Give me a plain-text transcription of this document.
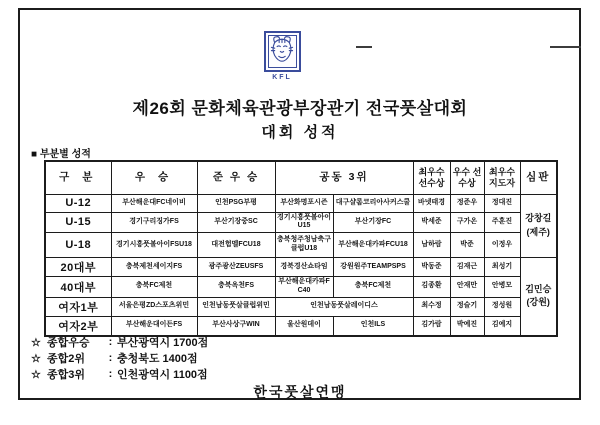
KFL
제26회 문화체육관광부장관기 전국풋살대회
대회 성적
■ 부분별 성적
구 분	우 승	준 우 승	공동 3위		최우수 선수상	우수 선수상	최우수 지도자	심판
U-12	부산해운대FC네이비	인천PSG부평	부산화명포시즌	대구샬롬코리아사커스쿨	바넷태경	정준우	정대진	강창길
(제주)

U-15	경기구리징가FS	부산기장중SC	경기시흥풋볼아이U15	부산기장FC	박세준	구가온	주훈진	
U-18	경기시흥풋볼아이FSU18	대전험멜FCU18	충북청주청남축구클럽U18	부산해운대카파FCU18	남하람	박준	이정우	
20대부	충북제천세이지FS	광주광산ZEUSFS	경북경산쇼타임	강원원주TEAMPSPS	박동준	김재근	최성기	김민승
(강원)

40대부	충북FC제천	충북옥천FS	부산해운대카파FC40	충북FC제천	김종환	안재만	안병모	
여자1부	서울은평ZD스포츠위민	인천남동풋살클럽위민	인천남동풋살레이디스		최수정	정슬기	정성원	
여자2부	부산해운대이든FS	부산사상구WIN	울산원데이	인천ILS	김가람	박예진	김예지	
☆ 종합우승	: 부산광역시 1700점
☆ 종합2위	: 충청북도 1400점
☆ 종합3위	: 인천광역시 1100점
한국풋살연맹
